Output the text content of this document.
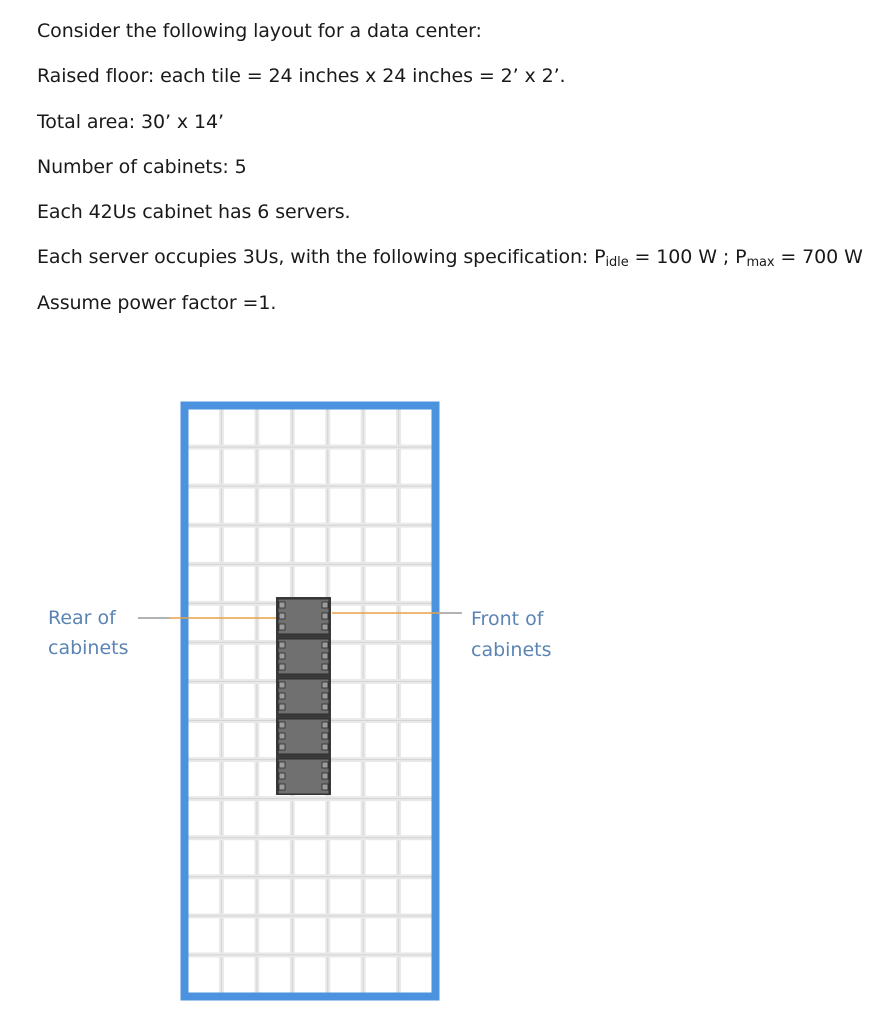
Consider the following layout for a data center:
Raised floor: each tile = 24 inches x 24 inches = 2’ x 2’.
Total area: 30’ x 14’
Number of cabinets: 5
Each 42Us cabinet has 6 servers.
Each server occupies 3Us, with the following specification: $P_{idle} = 100$ W ; $P_{max} = 700$ W
Assume power factor =1.
Rear of
cabinets
Front of
cabinets
